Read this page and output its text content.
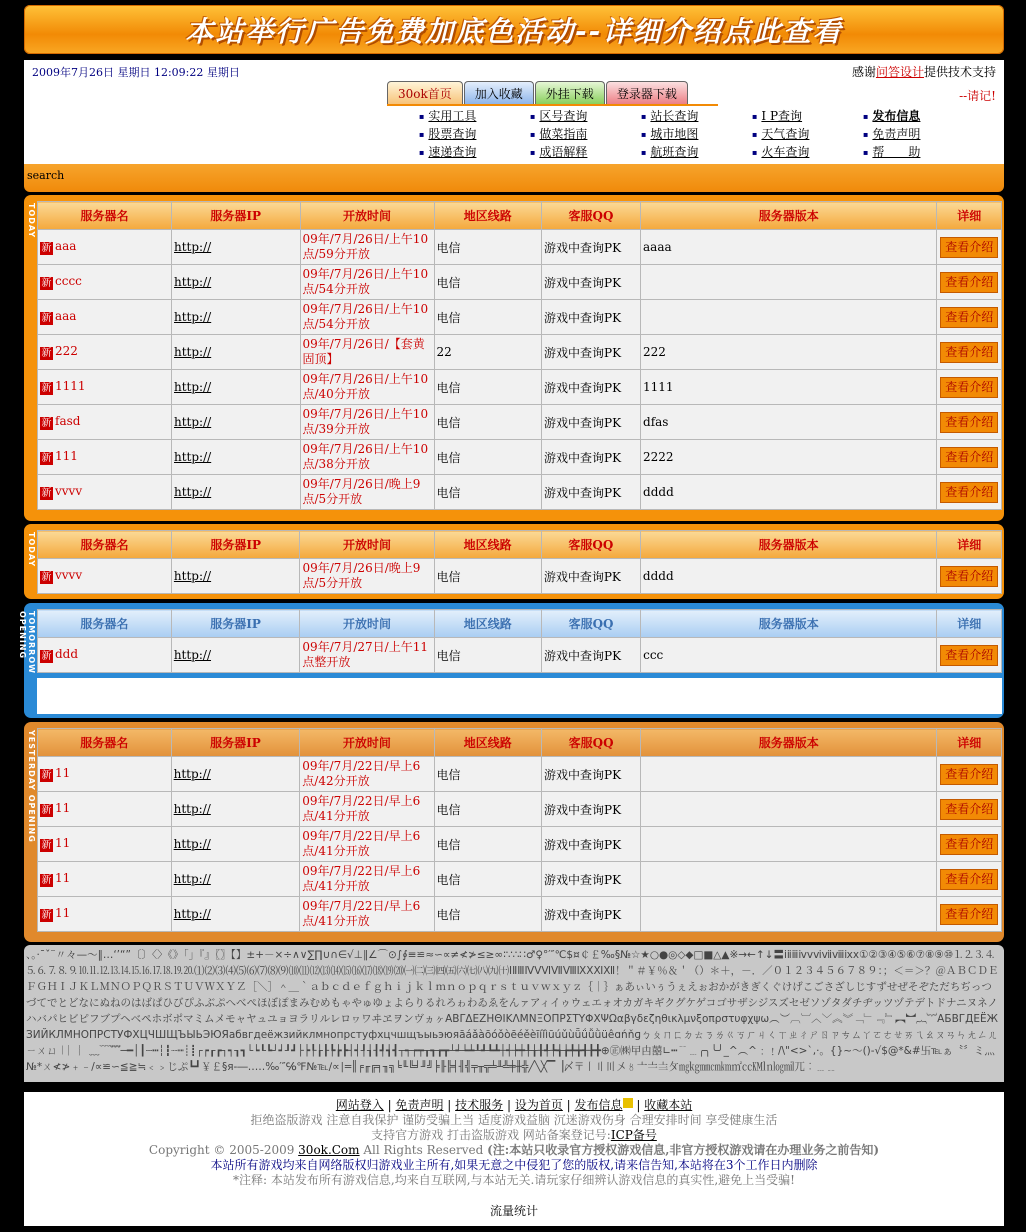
本站举行广告免费加底色活动--详细介绍点此查看
2009年7月26日 星期日 12:09:22 星期日	感谢问答设计提供技术支持
--请记!
30ok首页	加入收藏	外挂下载	登录器下载
▪ 实用工具	▪ 区号查询	▪ 站长查询	▪ I P查询	▪ 发布信息
▪ 股票查询	▪ 做菜指南	▪ 城市地图	▪ 天气查询	▪ 免责声明
▪ 速递查询	▪ 成语解释	▪ 航班查询	▪ 火车查询	▪ 帮　　助
search
TODAY	服务器名	服务器IP	开放时间	地区线路	客服QQ	服务器版本	详细
新 aaa	http://	09年/7月/26日/上午10点/59分开放	电信	游戏中查询PK	aaaa	查看介绍
新 cccc	http://	09年/7月/26日/上午10点/54分开放	电信	游戏中查询PK		查看介绍
新 aaa	http://	09年/7月/26日/上午10点/54分开放	电信	游戏中查询PK		查看介绍
新 222	http://	09年/7月/26日/【套黄固顶】	22	游戏中查询PK	222	查看介绍
新 1111	http://	09年/7月/26日/上午10点/40分开放	电信	游戏中查询PK	1111	查看介绍
新 fasd	http://	09年/7月/26日/上午10点/39分开放	电信	游戏中查询PK	dfas	查看介绍
新 111	http://	09年/7月/26日/上午10点/38分开放	电信	游戏中查询PK	2222	查看介绍
新 vvvv	http://	09年/7月/26日/晚上9点/5分开放	电信	游戏中查询PK	dddd	查看介绍
TODAY	服务器名	服务器IP	开放时间	地区线路	客服QQ	服务器版本	详细
新 vvvv	http://	09年/7月/26日/晚上9点/5分开放	电信	游戏中查询PK	dddd	查看介绍
TOMORROW OPENING	服务器名	服务器IP	开放时间	地区线路	客服QQ	服务器版本	详细
新 ddd	http://	09年/7月/27日/上午11点整开放	电信	游戏中查询PK	ccc	查看介绍
YESTERDAY OPENING	服务器名	服务器IP	开放时间	地区线路	客服QQ	服务器版本	详细
新 11	http://	09年/7月/22日/早上6点/42分开放	电信	游戏中查询PK		查看介绍
新 11	http://	09年/7月/22日/早上6点/41分开放	电信	游戏中查询PK		查看介绍
新 11	http://	09年/7月/22日/早上6点/41分开放	电信	游戏中查询PK		查看介绍
新 11	http://	09年/7月/22日/早上6点/41分开放	电信	游戏中查询PK		查看介绍
新 11	http://	09年/7月/22日/早上6点/41分开放	电信	游戏中查询PK		查看介绍
、。·ˉˇ¨〃々—～‖…‘’“”〔〕〈〉《》「」『』〖〗【】±+－×÷∧∨∑∏∪∩∈√⊥∥∠⌒⊙∫∮≡≌≈∽∝≠≮≯≤≥∞∶∵∴∷♂♀°′″℃$¤￠￡‰§№☆★○●◎◇◆□■△▲※→←↑↓〓ⅰⅱⅲⅳⅴⅵⅶⅷⅸⅹ①②③④⑤⑥⑦⑧⑨⑩⒈⒉⒊⒋⒌⒍⒎⒏⒐⒑⒒⒓⒔⒕⒖⒗⒘⒙⒚⒛⑴⑵⑶⑷⑸⑹⑺⑻⑼⑽⑾⑿⒀⒁⒂⒃⒄⒅⒆⒇㈠㈡㈢㈣㈤㈥㈦㈧㈨㈩ⅠⅡⅢⅣⅤⅥⅦⅧⅨⅩⅪⅫ！＂＃￥％＆＇（）＊＋，－．／０１２３４５６７８９：；＜＝＞？＠ＡＢＣＤＥＦＧＨＩＪＫＬＭＮＯＰＱＲＳＴＵＶＷＸＹＺ［＼］＾＿｀ａｂｃｄｅｆｇｈｉｊｋｌｍｎｏｐｑｒｓｔｕｖｗｘｙｚ｛｜｝ぁあぃいぅうぇえぉおかがきぎくぐけげこごさざしじすずせぜそぞただちぢっつづてでとどなにぬねのはばぱひびぴふぶぷへべぺほぼぽまみむめもゃやゅゆょよらりるれろゎわゐゑをんァアィイゥウェエォオカガキギクグケゲコゴサザシジスズセゼソゾタダチヂッツヅテデトドナニヌネノハバパヒビピフブプヘベペホボポマミムメモャヤュユョヨラリルレロヮワヰヱヲンヴヵヶΑΒΓΔΕΖΗΘΙΚΛΜΝΞΟΠΡΣΤΥΦΧΨΩαβγδεζηθικλμνξοπρστυφχψω︵︶︹︺︿﹀︽︾﹁﹂﹃﹄︻︼︷︸АБВГДЕЁЖЗИЙКЛМНОПРСТУФХЦЧШЩЪЫЬЭЮЯабвгдеёжзийклмнопрстуфхцчшщъыьэюяāáǎàōóǒòēéěèīíǐìūúǔùǖǘǚǜüêɑńňɡㄅㄆㄇㄈㄉㄊㄋㄌㄍㄎㄏㄐㄑㄒㄓㄔㄕㄖㄗㄘㄙㄚㄛㄜㄝㄞㄟㄠㄡㄢㄣㄤㄥㄦㄧㄨㄩ︱︳︴﹏﹋﹌─━│┃┄┅┆┇┈┉┊┋┌┍┎┏┐┑┒┓└┕┖┗┘┙┚┛├┝┞┟┠┡┢┣┤┥┦┧┨┩┪┫┬┭┮┯┰┱┲┳┴┵┶┷┸┹┺┻┼┽┾┿╀╁╂╃╄╅╆╇╈╉╊╋⊕㊣㈱曱甴囍∟┅﹊﹍╭╮╰╯_^︵^﹕﹗/\"<>`,·。{}~～()-√$@*&#卐℡ぁ〝〞ミ灬№*ㄨ≮≯﹢﹣/∝≌∽≦≧≒﹤﹥じぷ┗┛￥￡§я-―‥…‰′″℅℉№℡∕∝∣═║╒╓╔╕╖╗╘╙╚╛╜╝╞╟╠╡╢╣╤╥╦╧╨╩╪╫╬╱╲╳▔▕〆〒〡〢〣〤〥〦〧〨〩㎎㎏㎜㎝㎞㎡㏄㏎㏑㏒㏕兀︰﹍﹎
网站登入 | 免责声明 | 技术服务 | 设为首页 | 发布信息 | 收藏本站
拒绝盗版游戏 注意自我保护 谨防受骗上当 适度游戏益脑 沉迷游戏伤身 合理安排时间 享受健康生活
支持官方游戏 打击盗版游戏 网站备案登记号:ICP备号
Copyright © 2005-2009 30ok.Com All Rights Reserved (注:本站只收录官方授权游戏信息,非官方授权游戏请在办理业务之前告知)
本站所有游戏均来自网络版权归游戏业主所有,如果无意之中侵犯了您的版权,请来信告知,本站将在3个工作日内删除
*注释: 本站发布所有游戏信息,均来自互联网,与本站无关.请玩家仔细辨认游戏信息的真实性,避免上当受骗!
流量统计
